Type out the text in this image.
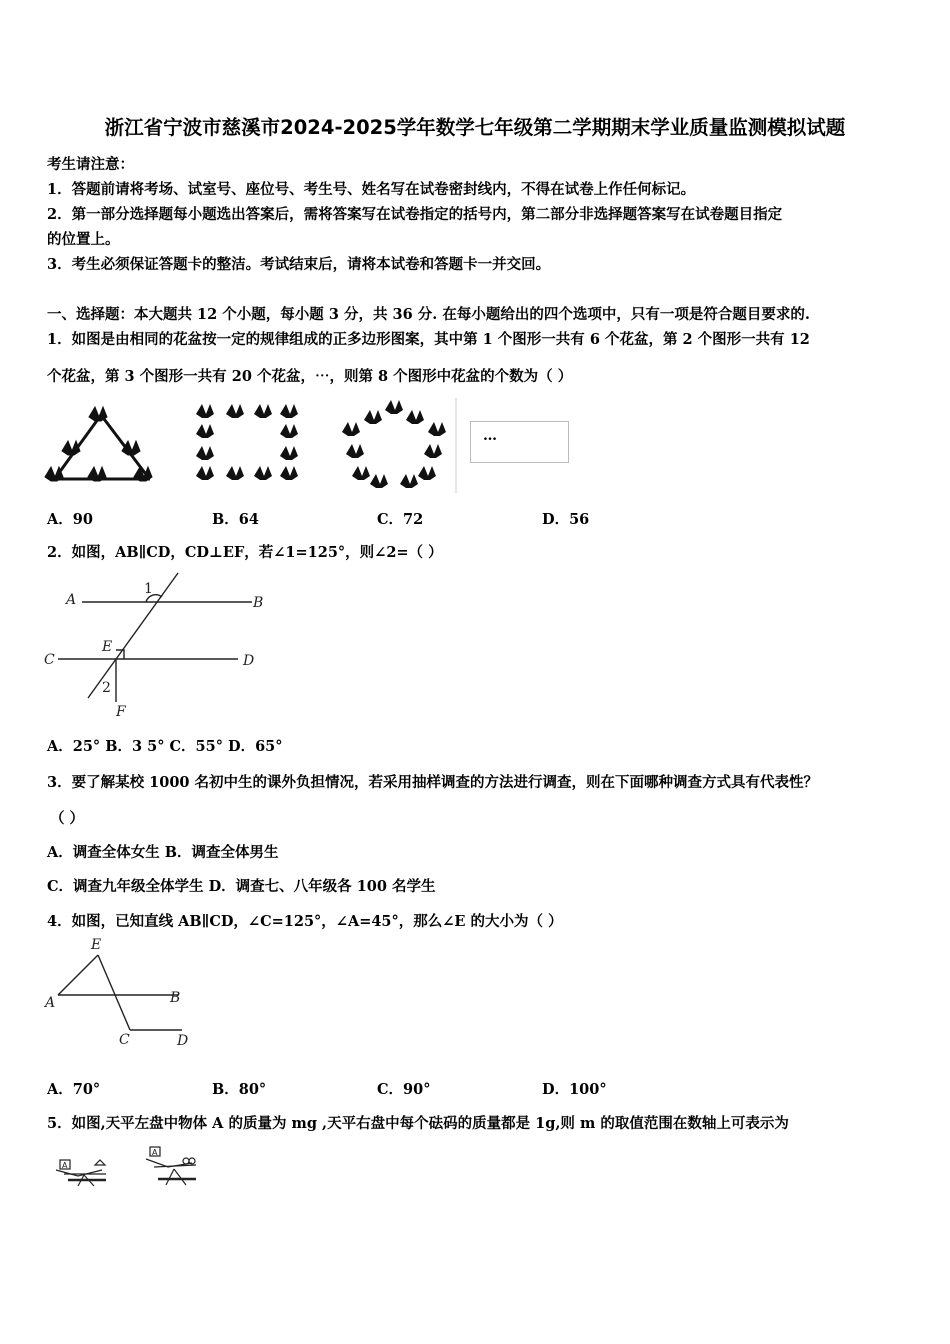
浙江省宁波市慈溪市2024-2025学年数学七年级第二学期期末学业质量监测模拟试题
考生请注意：
1．答题前请将考场、试室号、座位号、考生号、姓名写在试卷密封线内，不得在试卷上作任何标记。
2．第一部分选择题每小题选出答案后，需将答案写在试卷指定的括号内，第二部分非选择题答案写在试卷题目指定
的位置上。
3．考生必须保证答题卡的整洁。考试结束后，请将本试卷和答题卡一并交回。
一、选择题：本大题共 12 个小题，每小题 3 分，共 36 分. 在每小题给出的四个选项中，只有一项是符合题目要求的.
1．如图是由相同的花盆按一定的规律组成的正多边形图案，其中第 1 个图形一共有 6 个花盆，第 2 个图形一共有 12
个花盆，第 3 个图形一共有 20 个花盆，⋯，则第 8 个图形中花盆的个数为（ ）
…
A．90	B．64	C．72	D．56
2．如图，AB∥CD，CD⊥EF，若∠1=125°，则∠2=（ ）
A	B
C	D
E
F
1
2
A．25° B．3 5° C．55° D．65°
3．要了解某校 1000 名初中生的课外负担情况，若采用抽样调查的方法进行调查，则在下面哪种调查方式具有代表性？
（ ）
A．调查全体女生 B．调查全体男生
C．调查九年级全体学生 D．调查七、八年级各 100 名学生
4．如图，已知直线 AB∥CD，∠C=125°，∠A=45°，那么∠E 的大小为（ ）
E
A	B
C	D
A．70°	B．80°	C．90°	D．100°
5．如图,天平左盘中物体 A 的质量为 mg ,天平右盘中每个砝码的质量都是 1g,则 m 的取值范围在数轴上可表示为
A
A
